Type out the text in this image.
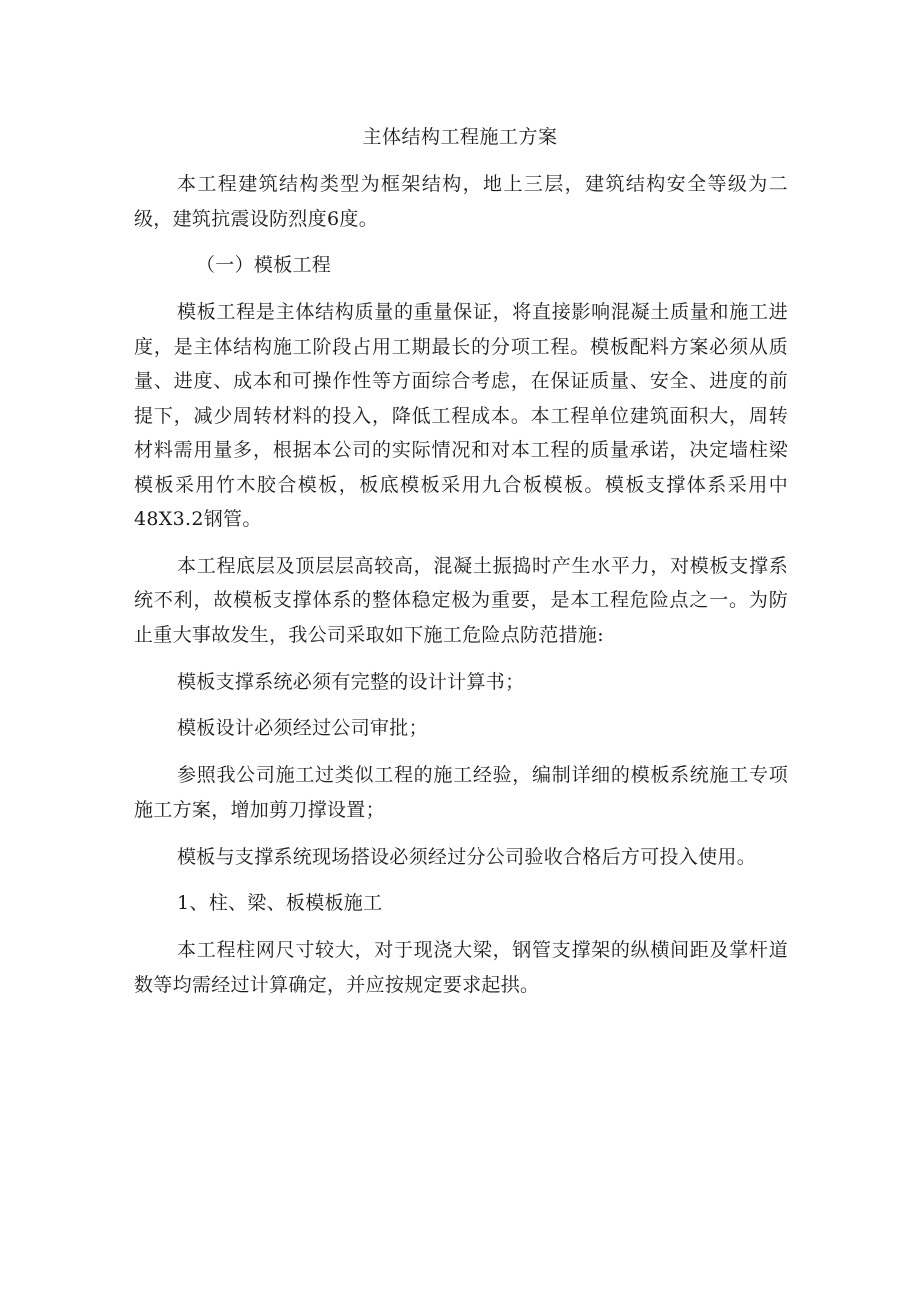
主体结构工程施工方案

本工程建筑结构类型为框架结构，地上三层，建筑结构安全等级为二级，建筑抗震设防烈度6度。

（一）模板工程

模板工程是主体结构质量的重量保证，将直接影响混凝土质量和施工进度，是主体结构施工阶段占用工期最长的分项工程。模板配料方案必须从质量、进度、成本和可操作性等方面综合考虑，在保证质量、安全、进度的前提下，减少周转材料的投入，降低工程成本。本工程单位建筑面积大，周转材料需用量多，根据本公司的实际情况和对本工程的质量承诺，决定墙柱梁模板采用竹木胶合模板，板底模板采用九合板模板。模板支撑体系采用中48X3.2钢管。

本工程底层及顶层层高较高，混凝土振捣时产生水平力，对模板支撑系统不利，故模板支撑体系的整体稳定极为重要，是本工程危险点之一。为防止重大事故发生，我公司采取如下施工危险点防范措施:

模板支撑系统必须有完整的设计计算书；

模板设计必须经过公司审批；

参照我公司施工过类似工程的施工经验，编制详细的模板系统施工专项施工方案，增加剪刀撑设置；

模板与支撑系统现场搭设必须经过分公司验收合格后方可投入使用。

1、柱、梁、板模板施工

本工程柱网尺寸较大，对于现浇大梁，钢管支撑架的纵横间距及掌杆道数等均需经过计算确定，并应按规定要求起拱。
